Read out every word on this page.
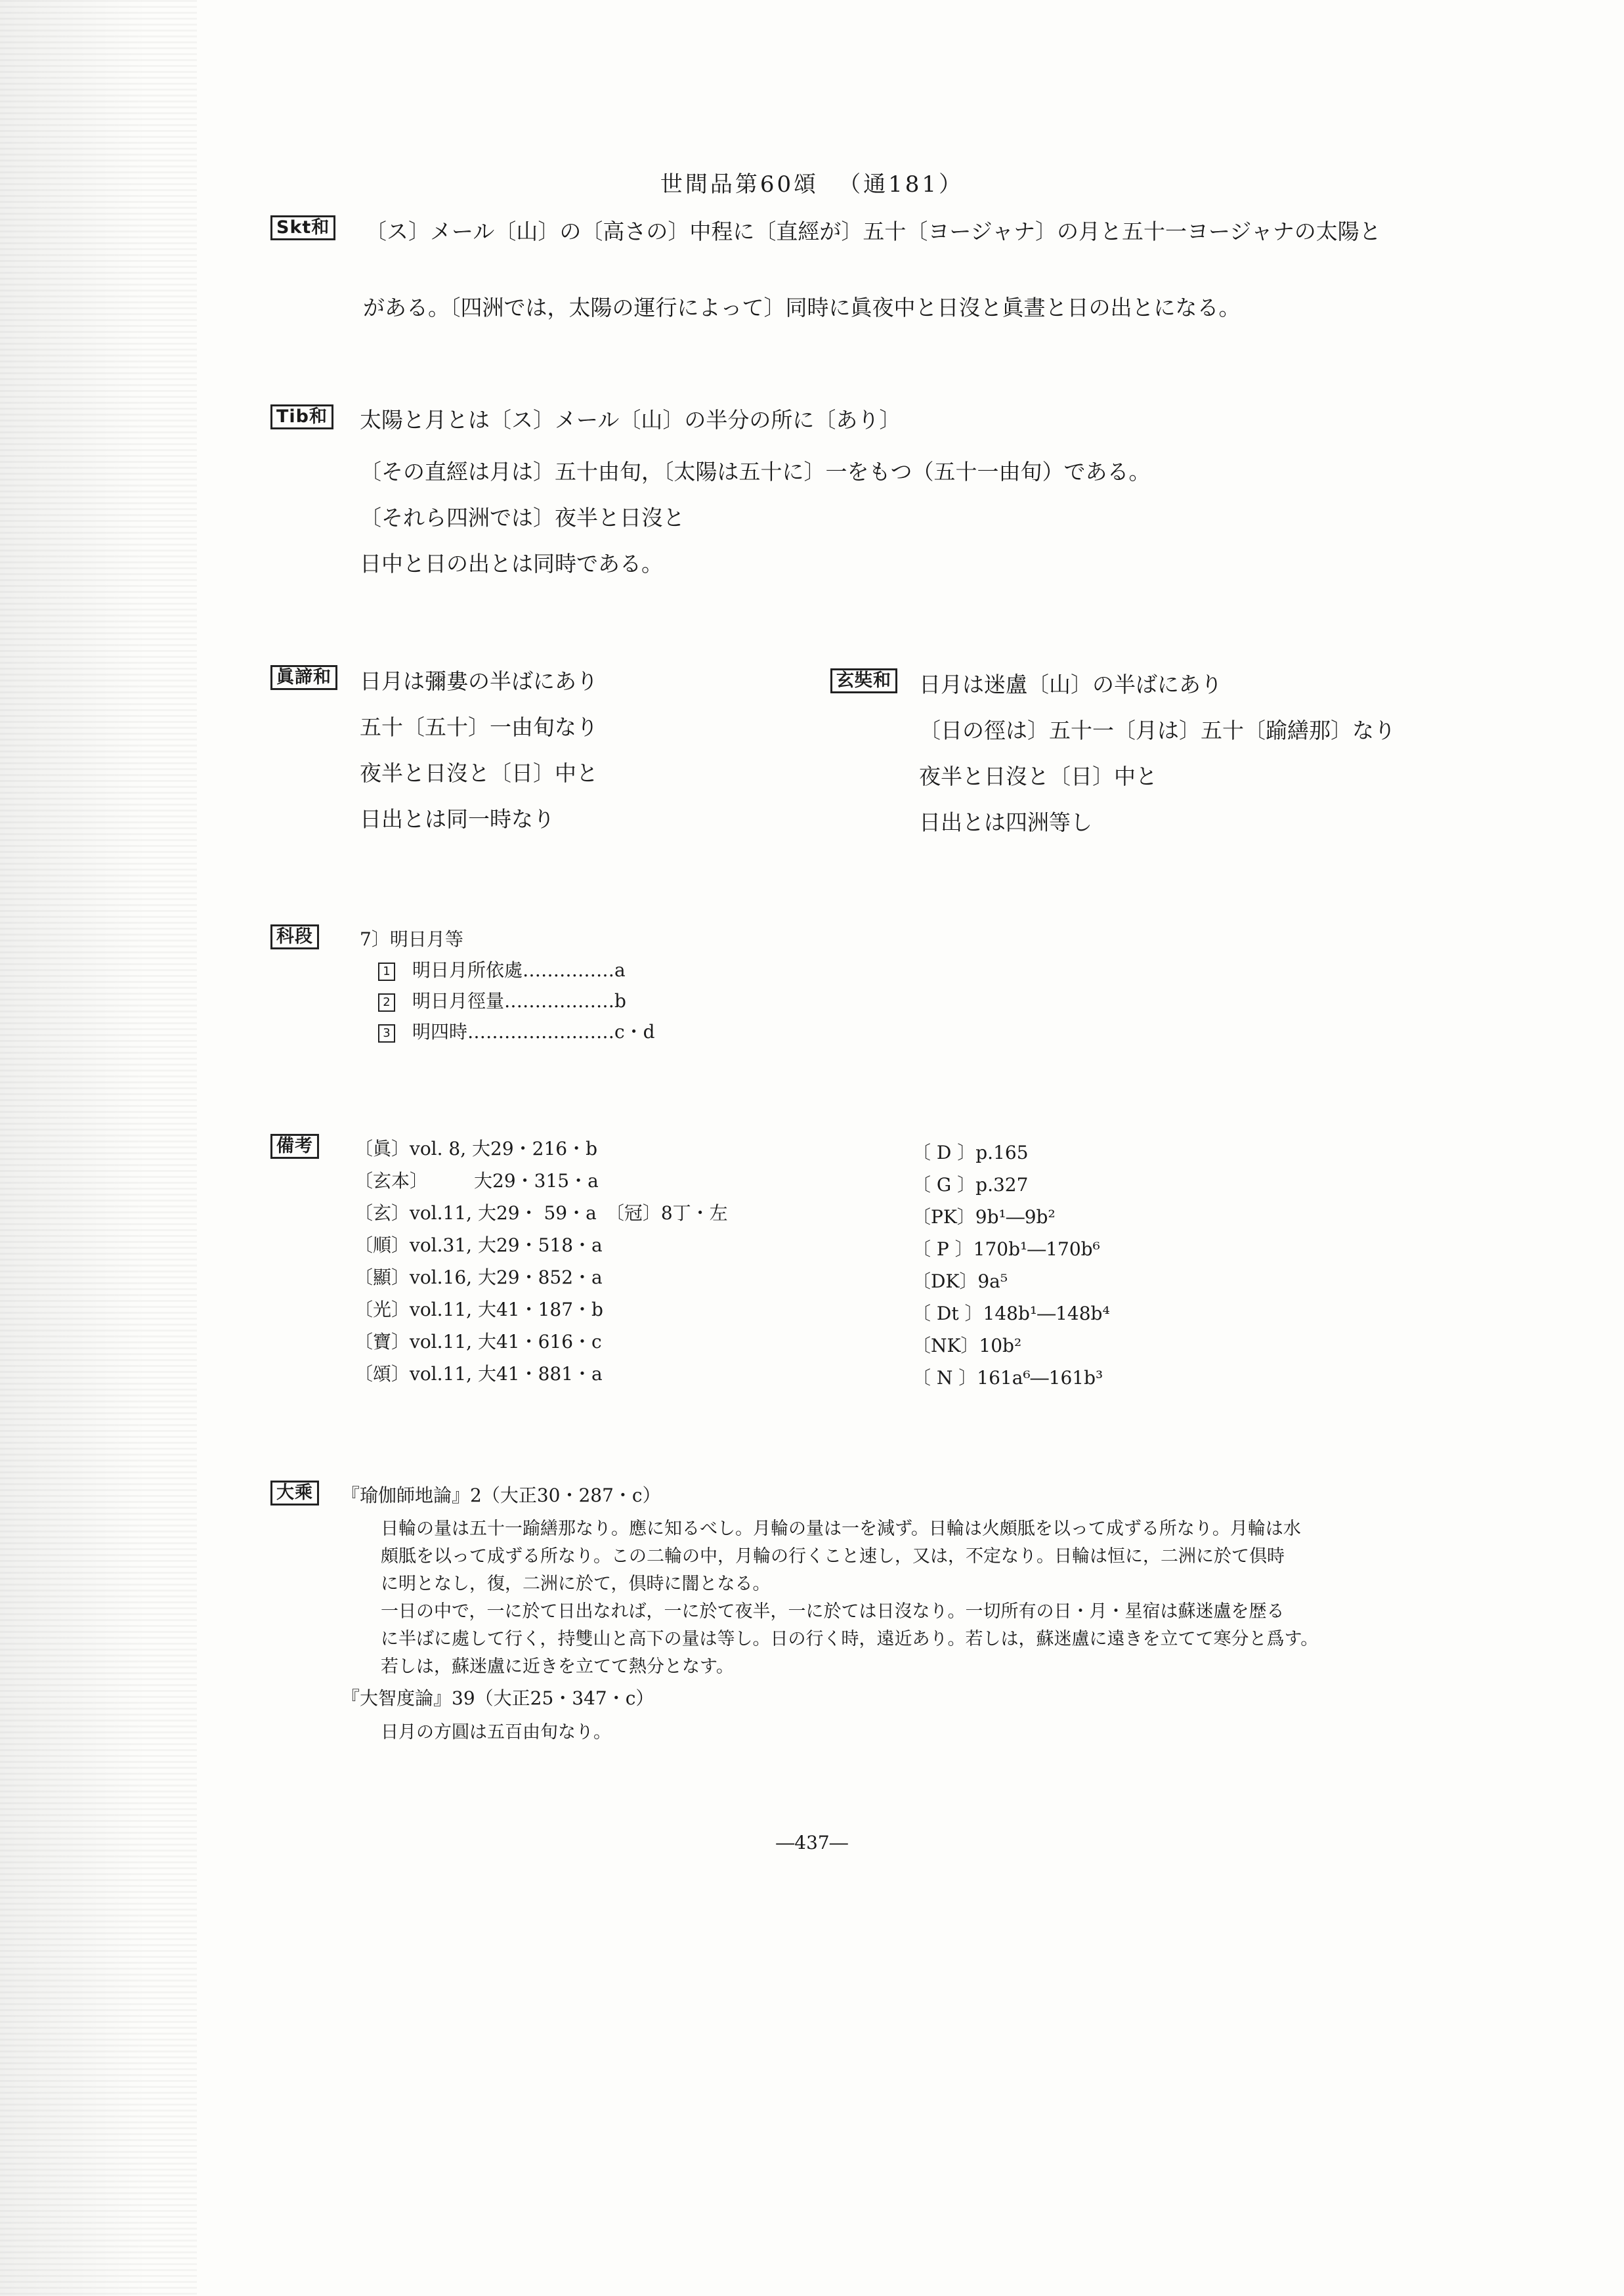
世間品第60頌 （通181）
Skt和 〔ス〕メール〔山〕の〔高さの〕中程に〔直經が〕五十〔ヨージャナ〕の月と五十一ヨージャナの太陽と
がある。〔四洲では，太陽の運行によって〕同時に眞夜中と日沒と眞晝と日の出とになる。
Tib和 太陽と月とは〔ス〕メール〔山〕の半分の所に〔あり〕
〔その直經は月は〕五十由旬，〔太陽は五十に〕一をもつ（五十一由旬）である。
〔それら四洲では〕夜半と日沒と
日中と日の出とは同時である。
眞諦和 日月は彌婁の半ばにあり
五十〔五十〕一由旬なり
夜半と日沒と〔日〕中と
日出とは同一時なり
玄奘和 日月は迷盧〔山〕の半ばにあり
〔日の徑は〕五十一〔月は〕五十〔踰繕那〕なり
夜半と日沒と〔日〕中と
日出とは四洲等し
科段	7〕明日月等
1 明日月所依處……………a
2 明日月徑量………………b
3 明四時……………………c・d
備考	〔眞〕vol. 8, 大29・216・b
〔玄本〕　　　大29・315・a
〔玄〕vol.11, 大29・ 59・a　〔冠〕8丁・左
〔順〕vol.31, 大29・518・a
〔顯〕vol.16, 大29・852・a
〔光〕vol.11, 大41・187・b
〔寶〕vol.11, 大41・616・c
〔頌〕vol.11, 大41・881・a
〔 D 〕p.165
〔 G 〕p.327
〔PK〕9b¹―9b²
〔 P 〕170b¹―170b⁶
〔DK〕9a⁵
〔 Dt 〕148b¹―148b⁴
〔NK〕10b²
〔 N 〕161a⁶―161b³
大乘	『瑜伽師地論』2（大正30・287・c）
日輪の量は五十一踰繕那なり。應に知るべし。月輪の量は一を減ず。日輪は火頗胝を以って成ずる所なり。月輪は水
頗胝を以って成ずる所なり。この二輪の中，月輪の行くこと速し，又は，不定なり。日輪は恒に，二洲に於て倶時
に明となし，復，二洲に於て，倶時に闇となる。
一日の中で，一に於て日出なれば，一に於て夜半，一に於ては日沒なり。一切所有の日・月・星宿は蘇迷盧を歴る
に半ばに處して行く，持雙山と高下の量は等し。日の行く時，遠近あり。若しは，蘇迷盧に遠きを立てて寒分と爲す。
若しは，蘇迷盧に近きを立てて熱分となす。
『大智度論』39（大正25・347・c）
日月の方圓は五百由旬なり。
―437―
